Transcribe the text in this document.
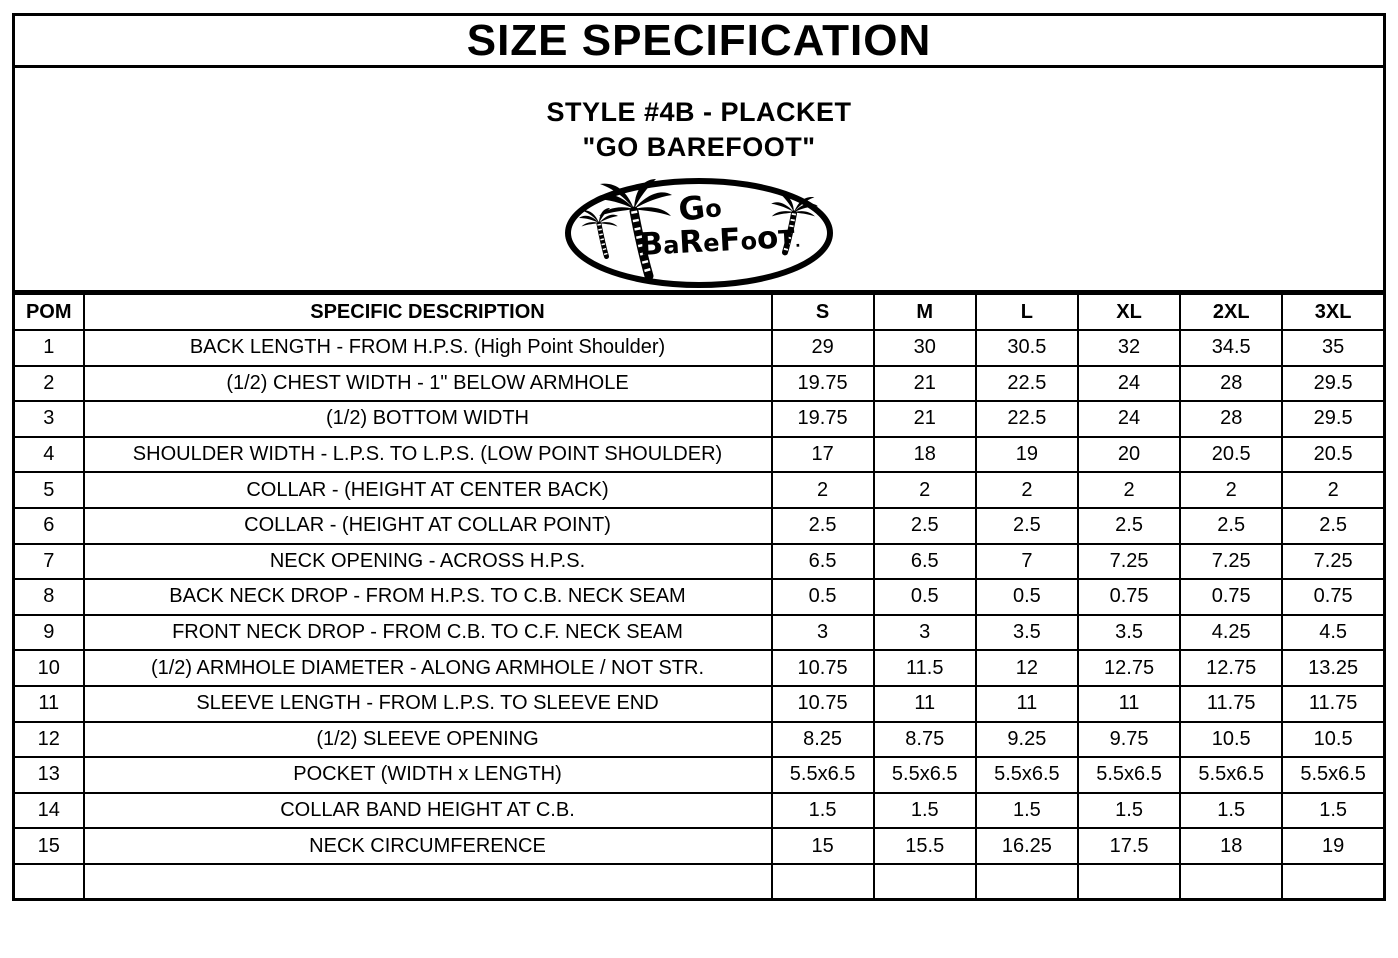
SIZE SPECIFICATION
STYLE #4B - PLACKET
"GO BAREFOOT"
Go
BaReFooT.
POM	SPECIFIC DESCRIPTION	S	M	L	XL	2XL	3XL
1	BACK LENGTH - FROM H.P.S. (High Point Shoulder)	29	30	30.5	32	34.5	35
2	(1/2) CHEST WIDTH - 1" BELOW ARMHOLE	19.75	21	22.5	24	28	29.5
3	(1/2) BOTTOM WIDTH	19.75	21	22.5	24	28	29.5
4	SHOULDER WIDTH - L.P.S. TO L.P.S. (LOW POINT SHOULDER)	17	18	19	20	20.5	20.5
5	COLLAR - (HEIGHT AT CENTER BACK)	2	2	2	2	2	2
6	COLLAR - (HEIGHT AT COLLAR POINT)	2.5	2.5	2.5	2.5	2.5	2.5
7	NECK OPENING - ACROSS H.P.S.	6.5	6.5	7	7.25	7.25	7.25
8	BACK NECK DROP - FROM H.P.S. TO C.B. NECK SEAM	0.5	0.5	0.5	0.75	0.75	0.75
9	FRONT NECK DROP - FROM C.B. TO C.F. NECK SEAM	3	3	3.5	3.5	4.25	4.5
10	(1/2) ARMHOLE DIAMETER - ALONG ARMHOLE / NOT STR.	10.75	11.5	12	12.75	12.75	13.25
11	SLEEVE LENGTH - FROM L.P.S. TO SLEEVE END	10.75	11	11	11	11.75	11.75
12	(1/2) SLEEVE OPENING	8.25	8.75	9.25	9.75	10.5	10.5
13	POCKET (WIDTH x LENGTH)	5.5x6.5	5.5x6.5	5.5x6.5	5.5x6.5	5.5x6.5	5.5x6.5
14	COLLAR BAND HEIGHT AT C.B.	1.5	1.5	1.5	1.5	1.5	1.5
15	NECK CIRCUMFERENCE	15	15.5	16.25	17.5	18	19
